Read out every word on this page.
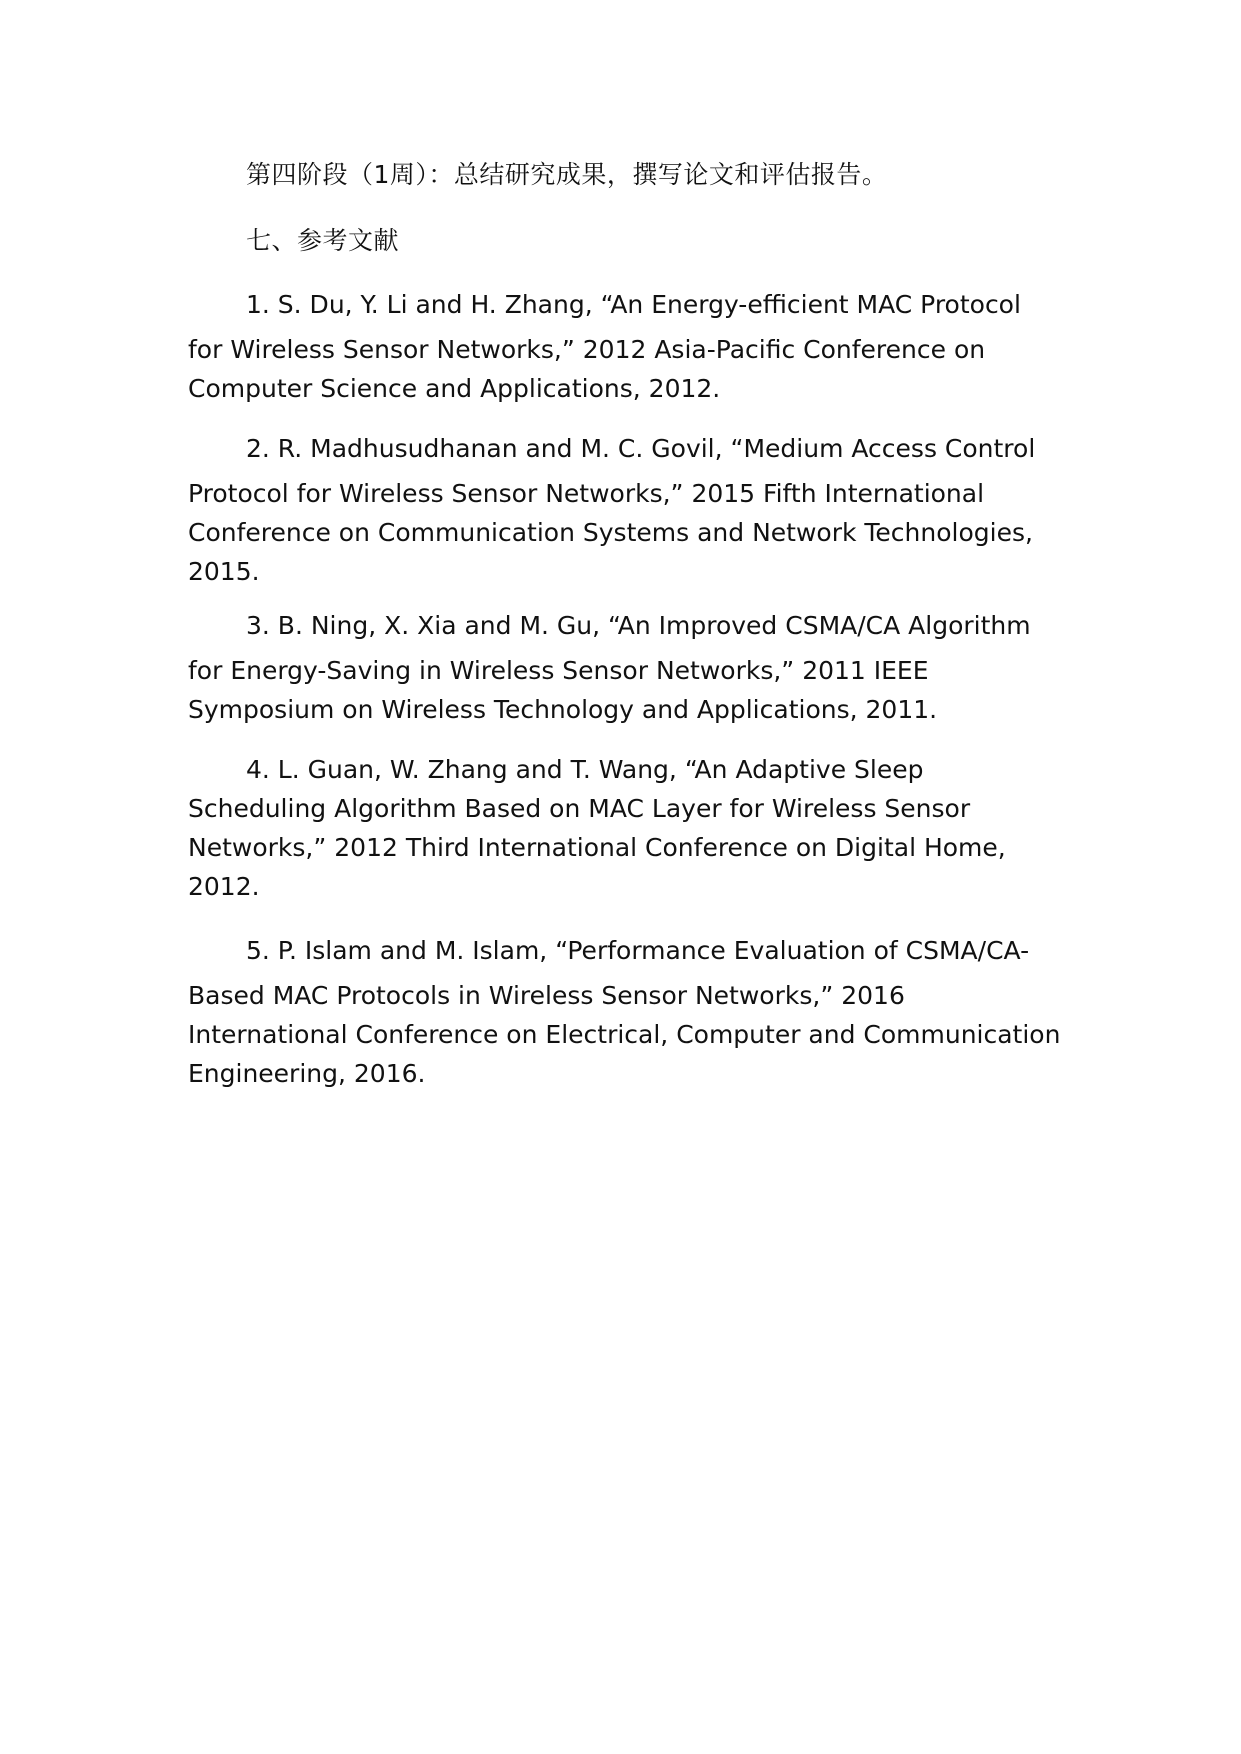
第四阶段（1周）：总结研究成果，撰写论文和评估报告。

七、参考文献

1. S. Du, Y. Li and H. Zhang, “An Energy-efficient MAC Protocol
for Wireless Sensor Networks,” 2012 Asia-Pacific Conference on Computer Science and Applications, 2012.
2. R. Madhusudhanan and M. C. Govil, “Medium Access Control
Protocol for Wireless Sensor Networks,” 2015 Fifth International Conference on Communication Systems and Network Technologies, 2015.
3. B. Ning, X. Xia and M. Gu, “An Improved CSMA/CA Algorithm
for Energy-Saving in Wireless Sensor Networks,” 2011 IEEE Symposium on Wireless Technology and Applications, 2011.
4. L. Guan, W. Zhang and T. Wang, “An Adaptive Sleep
Scheduling Algorithm Based on MAC Layer for Wireless Sensor Networks,” 2012 Third International Conference on Digital Home, 2012.
5. P. Islam and M. Islam, “Performance Evaluation of CSMA/CA-
Based MAC Protocols in Wireless Sensor Networks,” 2016 International Conference on Electrical, Computer and Communication Engineering, 2016.
